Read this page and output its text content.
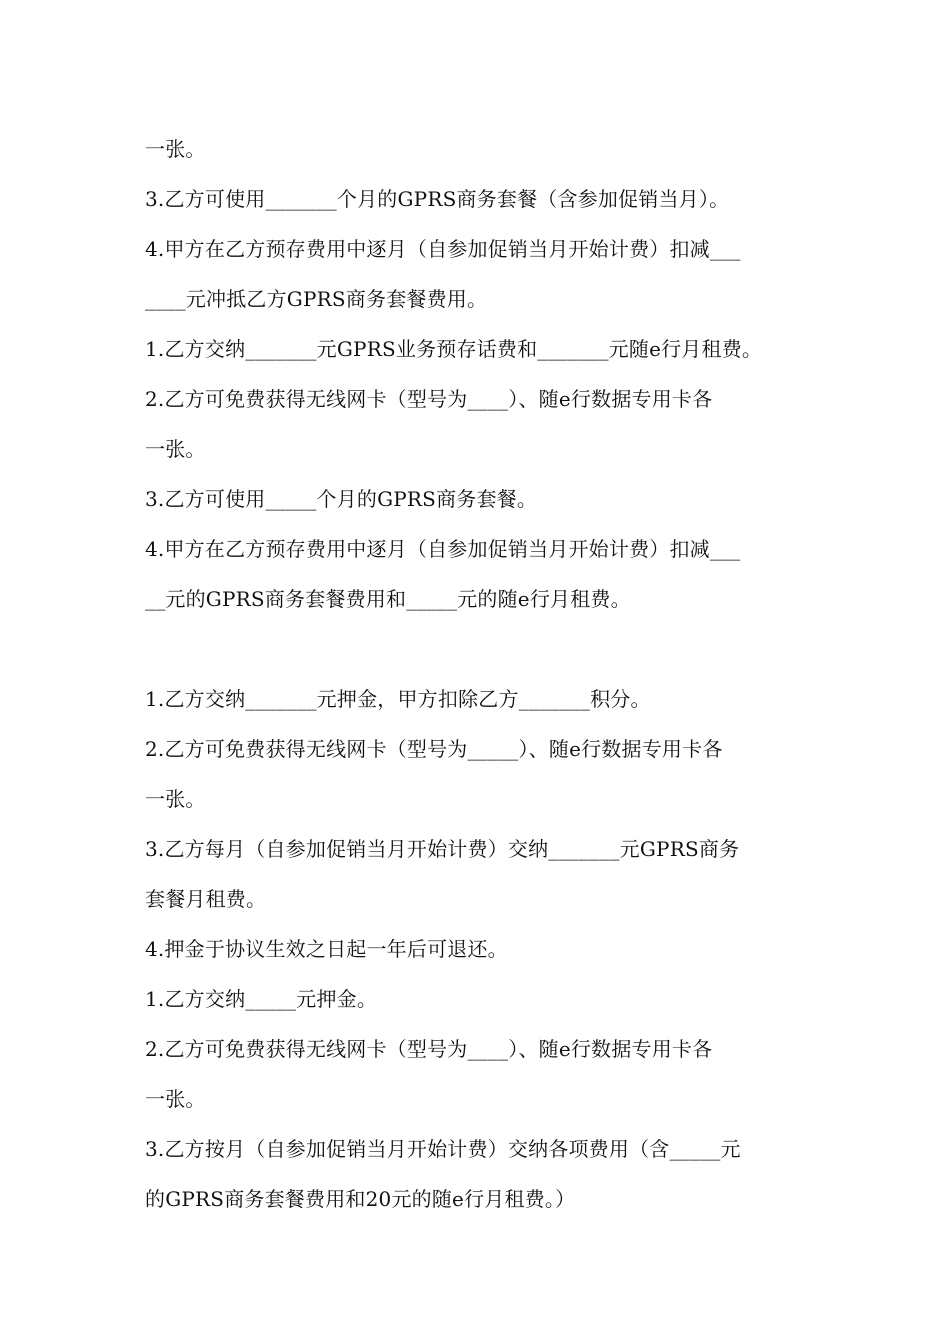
一张。
3.乙方可使用_______个月的GPRS商务套餐（含参加促销当月）。
4.甲方在乙方预存费用中逐月（自参加促销当月开始计费）扣减___
____元冲抵乙方GPRS商务套餐费用。
1.乙方交纳_______元GPRS业务预存话费和_______元随e行月租费。
2.乙方可免费获得无线网卡（型号为____）、随e行数据专用卡各
一张。
3.乙方可使用_____个月的GPRS商务套餐。
4.甲方在乙方预存费用中逐月（自参加促销当月开始计费）扣减___
__元的GPRS商务套餐费用和_____元的随e行月租费。

1.乙方交纳_______元押金，甲方扣除乙方_______积分。
2.乙方可免费获得无线网卡（型号为_____）、随e行数据专用卡各
一张。
3.乙方每月（自参加促销当月开始计费）交纳_______元GPRS商务
套餐月租费。
4.押金于协议生效之日起一年后可退还。
1.乙方交纳_____元押金。
2.乙方可免费获得无线网卡（型号为____）、随e行数据专用卡各
一张。
3.乙方按月（自参加促销当月开始计费）交纳各项费用（含_____元
的GPRS商务套餐费用和20元的随e行月租费。）
